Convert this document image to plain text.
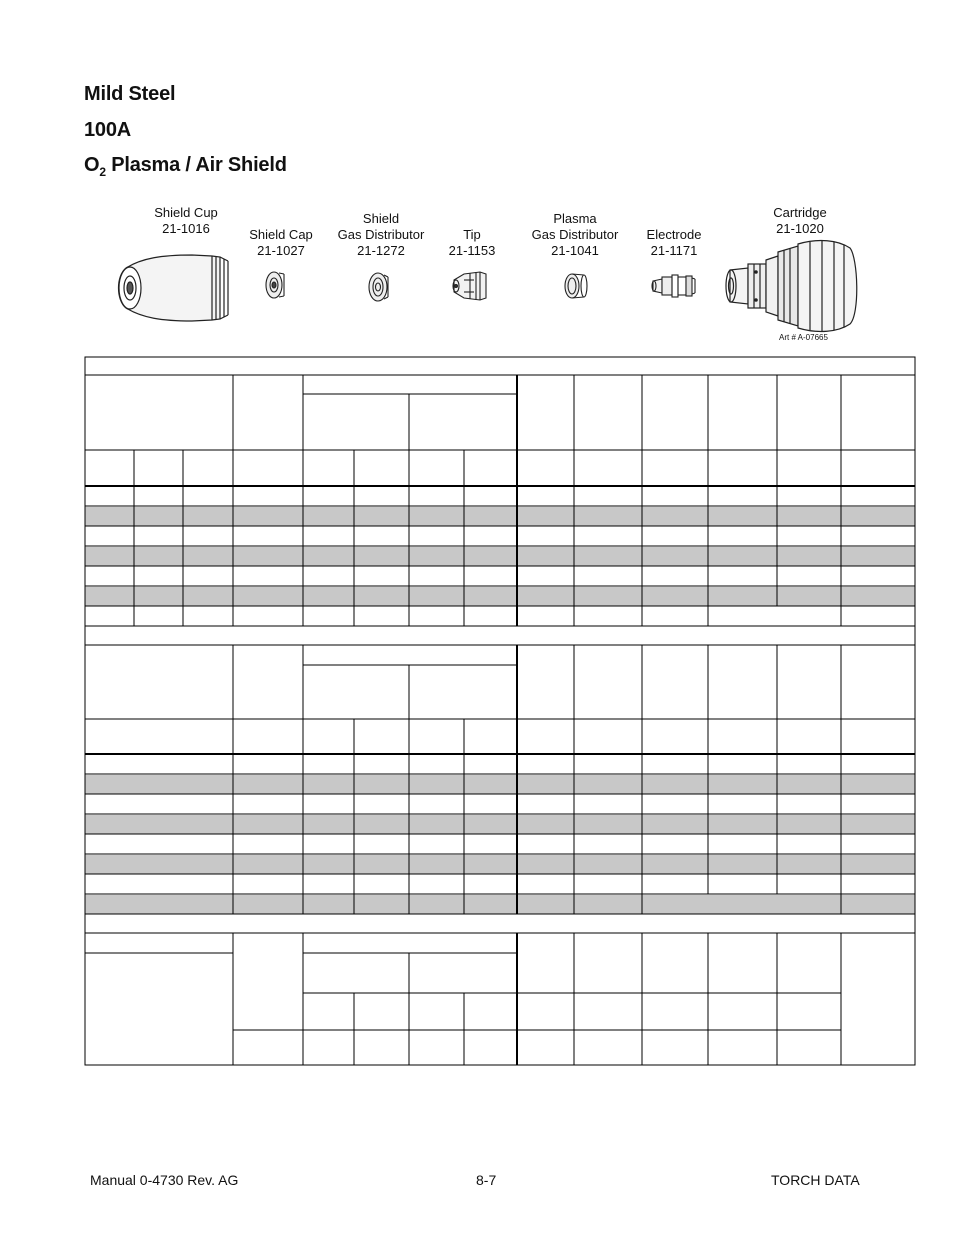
Mild Steel
100A
$O_2$ Plasma / Air Shield
Shield Cup
21-1016	Shield Cap
21-1027
Shield
Gas Distributor
21-1272
Tip
21-1153
Plasma
Gas Distributor
21-1041
Electrode
21-1171
Cartridge
21-1020
Art # A-07665
Manual 0-4730 Rev. AG	8-7	TORCH DATA
